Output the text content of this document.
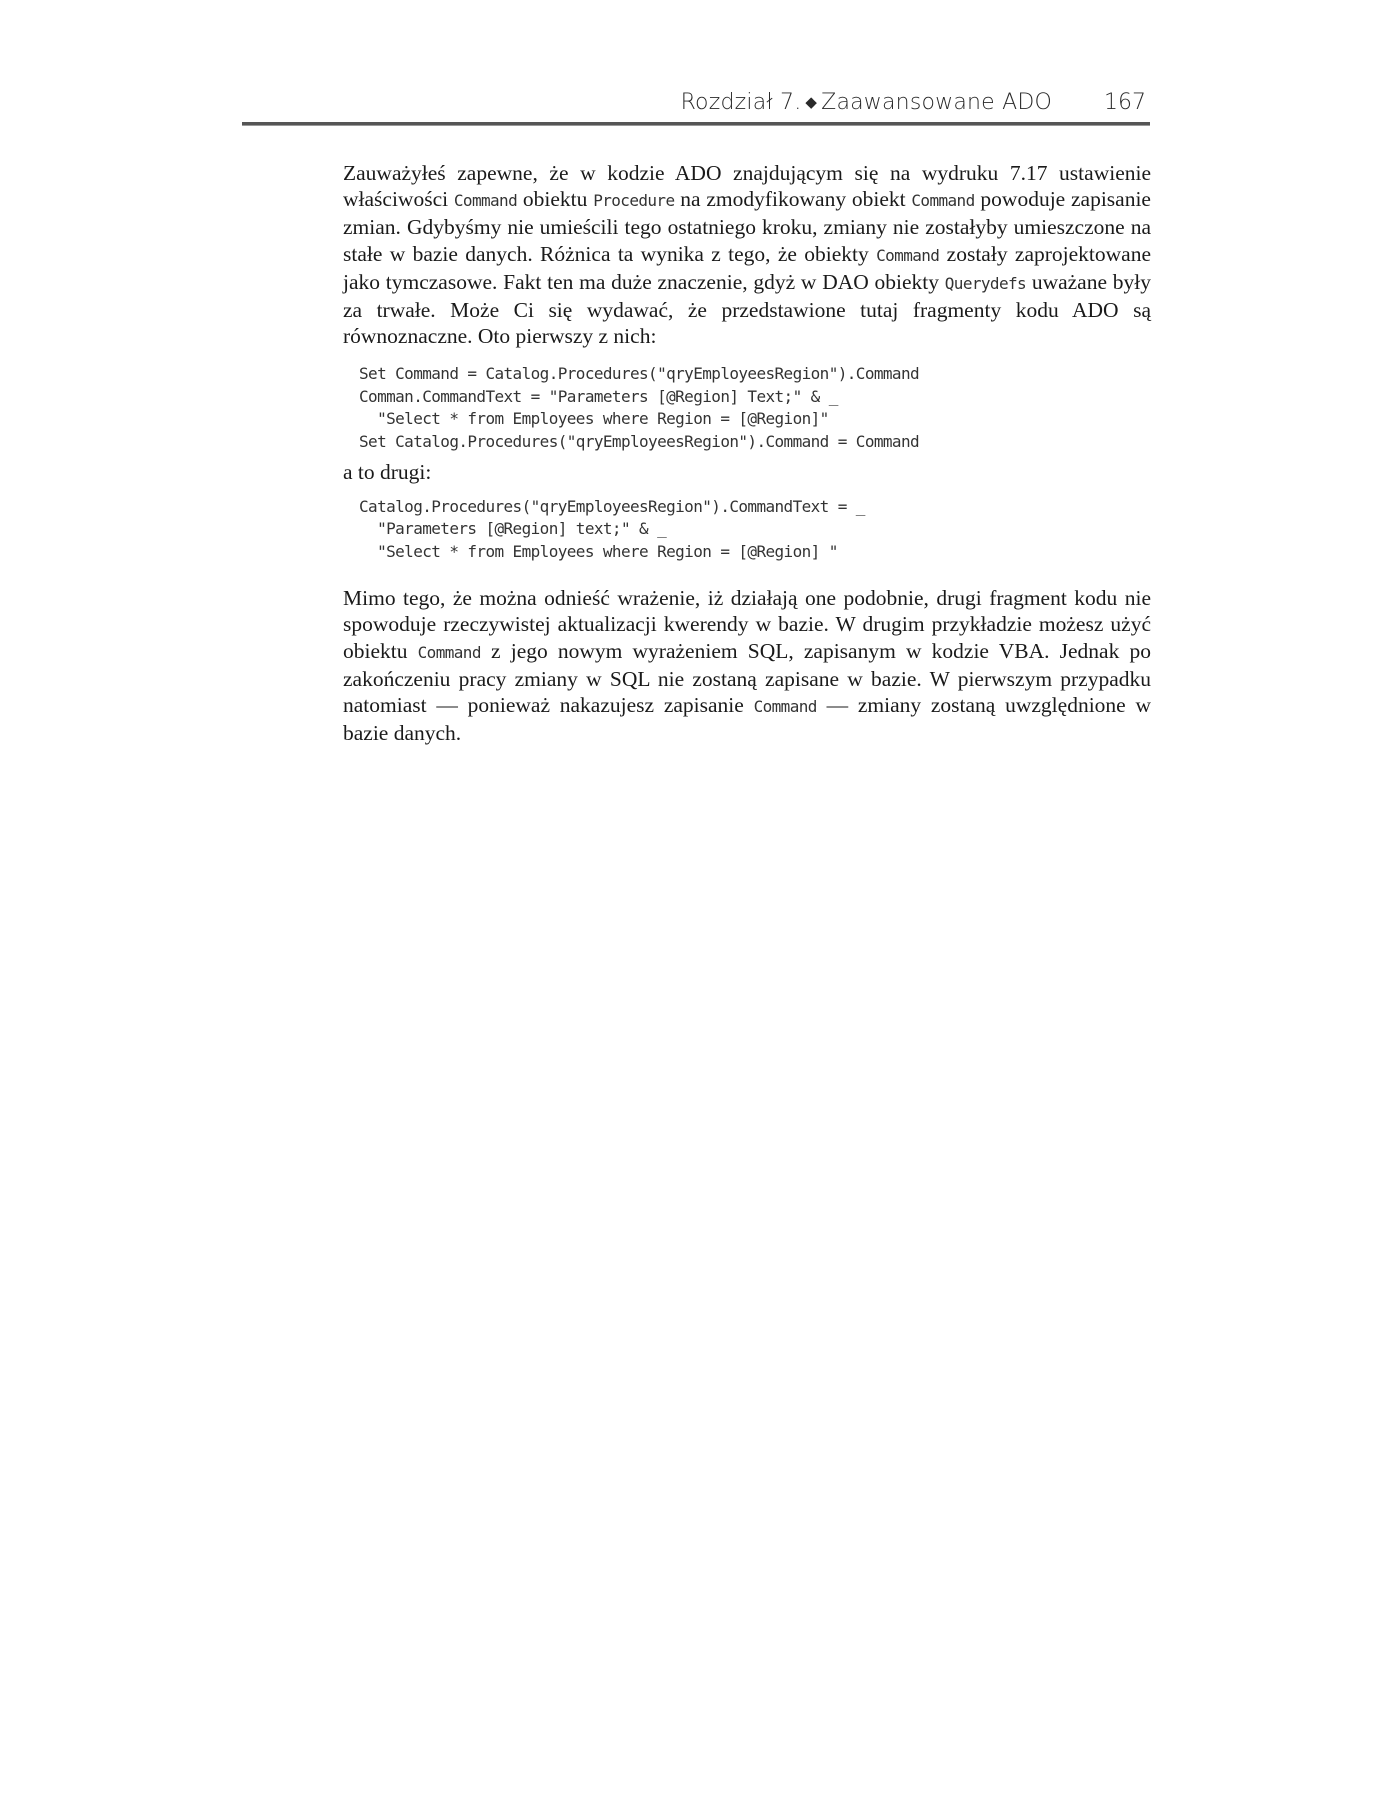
Rozdział 7. ◆ Zaawansowane ADO 167

Zauważyłeś zapewne, że w kodzie ADO znajdującym się na wydruku 7.17 ustawienie właściwości Command obiektu Procedure na zmodyfikowany obiekt Command powoduje zapisanie zmian. Gdybyśmy nie umieścili tego ostatniego kroku, zmiany nie zostałyby umieszczone na stałe w bazie danych. Różnica ta wynika z tego, że obiekty Command zostały zaprojektowane jako tymczasowe. Fakt ten ma duże znaczenie, gdyż w DAO obiekty Querydefs uważane były za trwałe. Może Ci się wydawać, że przedstawione tutaj fragmenty kodu ADO są równoznaczne. Oto pierwszy z nich:

Set Command = Catalog.Procedures("qryEmployeesRegion").Command
Comman.CommandText = "Parameters [@Region] Text;" & _
"Select * from Employees where Region = [@Region]"
Set Catalog.Procedures("qryEmployeesRegion").Command = Command

a to drugi:

Catalog.Procedures("qryEmployeesRegion").CommandText = _
"Parameters [@Region] text;" & _
"Select * from Employees where Region = [@Region] "

Mimo tego, że można odnieść wrażenie, iż działają one podobnie, drugi fragment kodu nie spowoduje rzeczywistej aktualizacji kwerendy w bazie. W drugim przykładzie możesz użyć obiektu Command z jego nowym wyrażeniem SQL, zapisanym w kodzie VBA. Jednak po zakończeniu pracy zmiany w SQL nie zostaną zapisane w bazie. W pierwszym przypadku natomiast — ponieważ nakazujesz zapisanie Command — zmiany zostaną uwzględnione w bazie danych.
